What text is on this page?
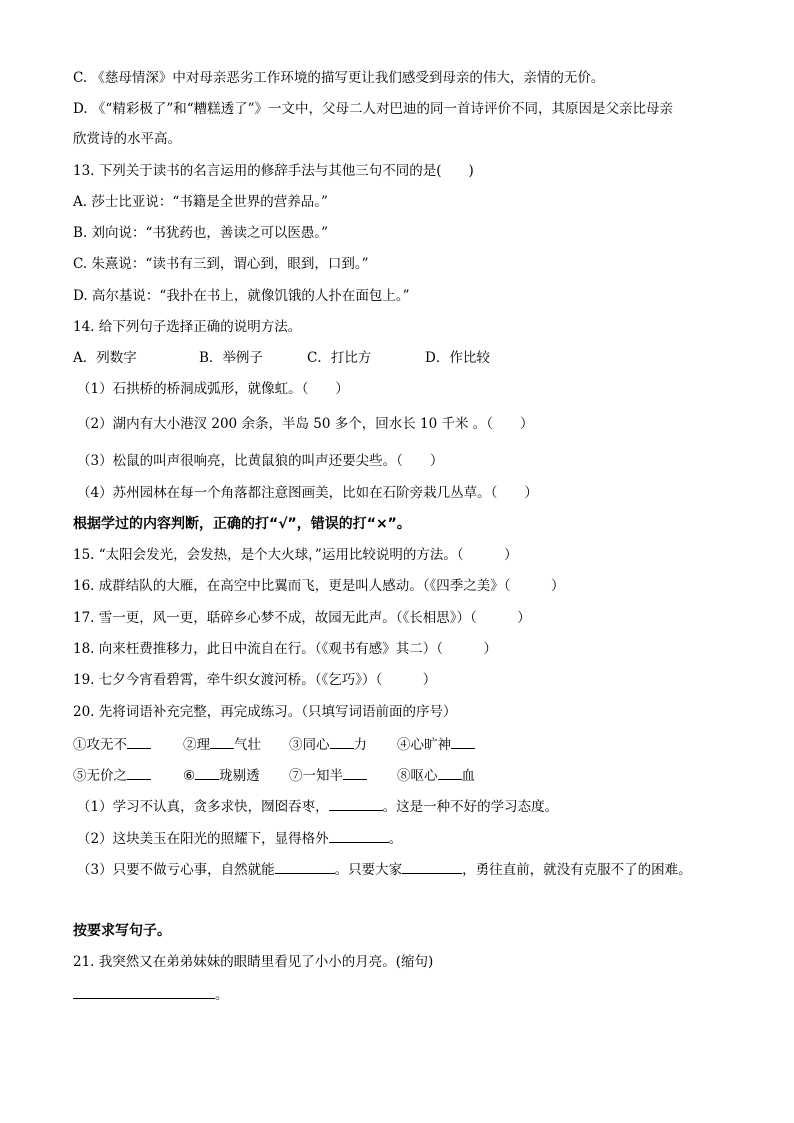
C. 《慈母情深》中对母亲恶劣工作环境的描写更让我们感受到母亲的伟大，亲情的无价。
D. 《“精彩极了”和“糟糕透了”》一文中，父母二人对巴迪的同一首诗评价不同，其原因是父亲比母亲
欣赏诗的水平高。
13. 下列关于读书的名言运用的修辞手法与其他三句不同的是(　　)
A. 莎士比亚说：“书籍是全世界的营养品。”
B. 刘向说：“书犹药也，善读之可以医愚。”
C. 朱熹说：“读书有三到，谓心到，眼到，口到。”
D. 高尔基说：“我扑在书上，就像饥饿的人扑在面包上。”
14. 给下列句子选择正确的说明方法。
A．列数字	B．举例子	C．打比方	D．作比较
（1）石拱桥的桥洞成弧形，就像虹。（　　）
（2）湖内有大小港汊 200 余条，半岛 50 多个，回水长 10 千米 。（　　）
（3）松鼠的叫声很响亮，比黄鼠狼的叫声还要尖些。（　　）
（4）苏州园林在每一个角落都注意图画美，比如在石阶旁栽几丛草。（　　）
根据学过的内容判断，正确的打“√”，错误的打“×”。
15. “太阳会发光，会发热，是个大火球，”运用比较说明的方法。（　　　）
16. 成群结队的大雁，在高空中比翼而飞，更是叫人感动。（《四季之美》（　　　）
17. 雪一更，风一更，聒碎乡心梦不成，故园无此声。（《长相思》）（　　　）
18. 向来枉费推移力，此日中流自在行。（《观书有感》其二）（　　　）
19. 七夕今宵看碧霄，牵牛织女渡河桥。（《乞巧》）（　　　）
20. 先将词语补充完整，再完成练习。（只填写词语前面的序号）
①攻无不	②理 气壮 ③同心 力 ④心旷神
⑤无价之	⑥ 珑剔透 ⑦一知半	⑧呕心 血
（1）学习不认真，贪多求快，囫囵吞枣，	。这是一种不好的学习态度。
（2）这块美玉在阳光的照耀下，显得格外	。
（3）只要不做亏心事，自然就能	。只要大家	，勇往直前，就没有克服不了的困难。
按要求写句子。
21. 我突然又在弟弟妹妹的眼睛里看见了小小的月亮。(缩句)
。
